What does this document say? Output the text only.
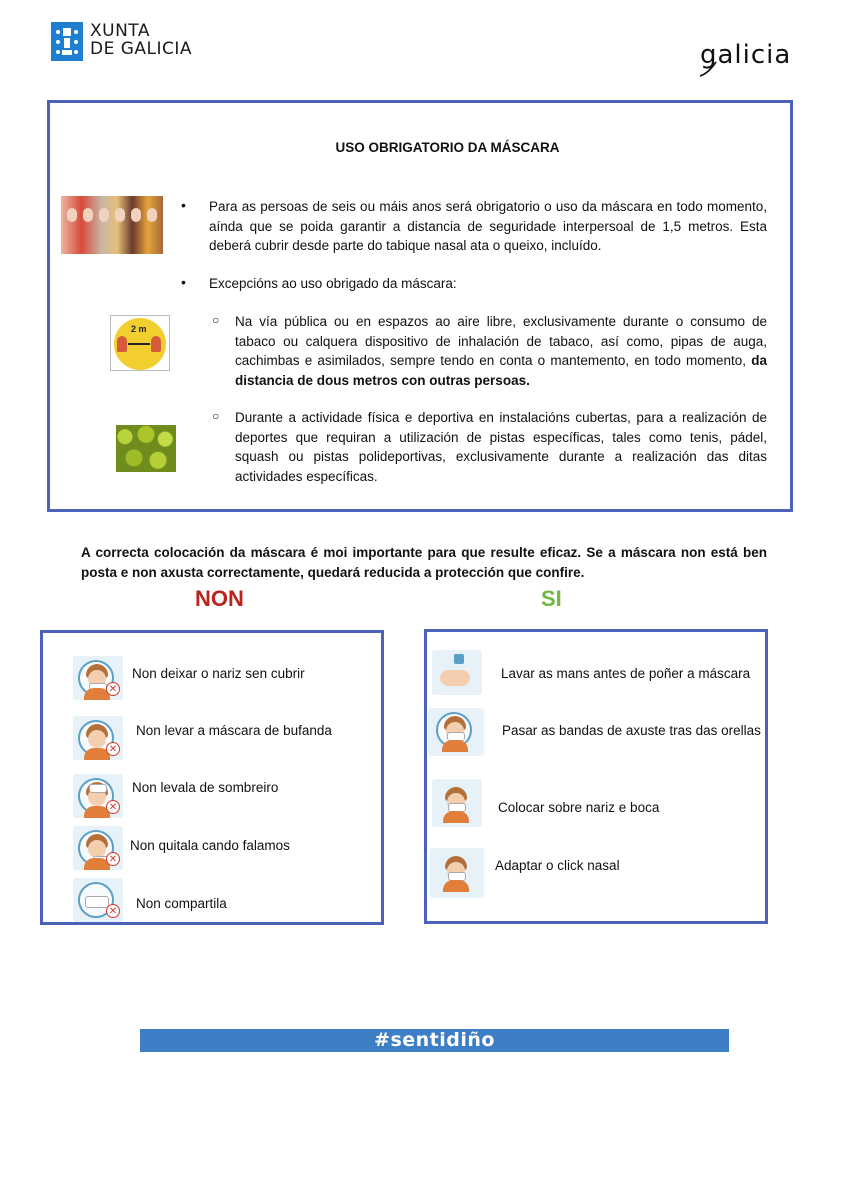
XUNTA
DE GALICIA	galicia
USO OBRIGATORIO DA MÁSCARA
• Para as persoas de seis ou máis anos será obrigatorio o uso da máscara en todo momento, aínda que se poida garantir a distancia de seguridade interpersoal de 1,5 metros. Esta deberá cubrir desde parte do tabique nasal ata o queixo, incluído.
• Excepcións ao uso obrigado da máscara:
2 m
○ Na vía pública ou en espazos ao aire libre, exclusivamente durante o consumo de tabaco ou calquera dispositivo de inhalación de tabaco, así como, pipas de auga, cachimbas e asimilados, sempre tendo en conta o mantemento, en todo momento, da distancia de dous metros con outras persoas.
○ Durante a actividade física e deportiva en instalacións cubertas, para a realización de deportes que requiran a utilización de pistas específicas, tales como tenis, pádel, squash ou pistas polideportivas, exclusivamente durante a realización das ditas actividades específicas.
A correcta colocación da máscara é moi importante para que resulte eficaz. Se a máscara non está ben posta e non axusta correctamente, quedará reducida a protección que confire.
NON	SI
✕
Non deixar o nariz sen cubrir
✕
Non levar a máscara de bufanda
✕
Non levala de sombreiro
✕
Non quitala cando falamos
✕
Non compartila
Lavar as mans antes de poñer a máscara
Pasar as bandas de axuste tras das orellas
Colocar sobre nariz e boca
Adaptar o click nasal
#sentidiño
